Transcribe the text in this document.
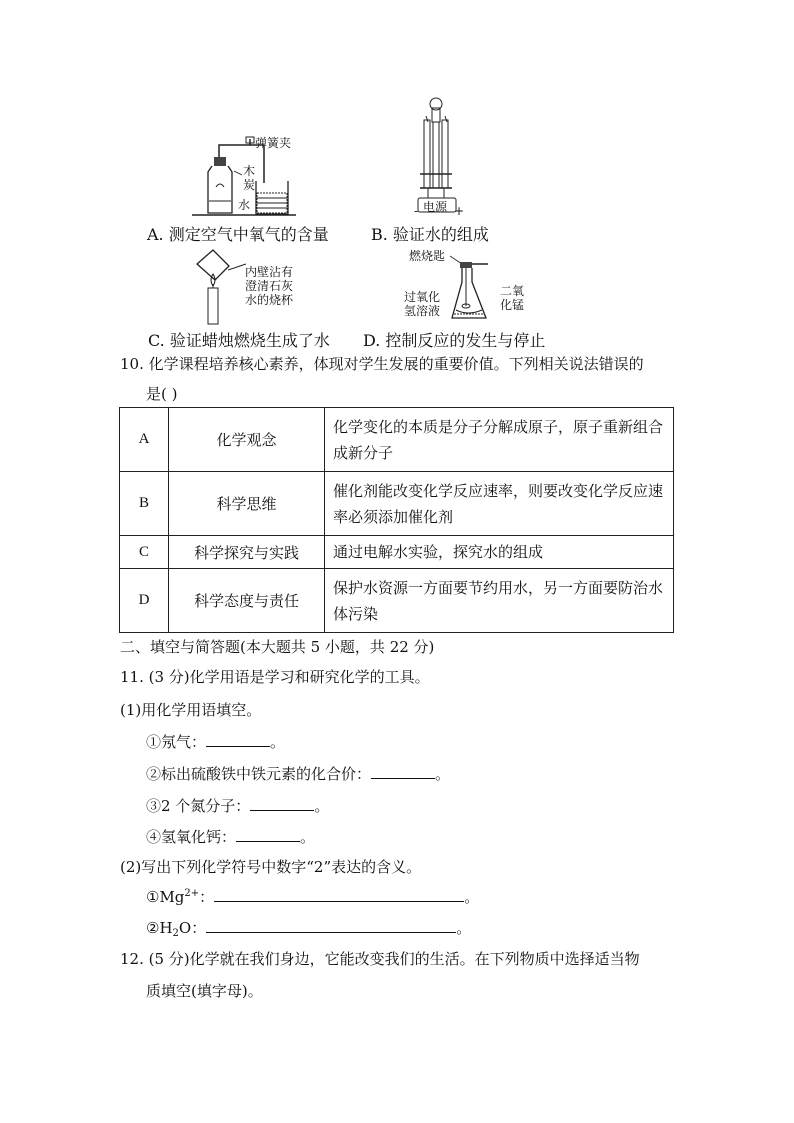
弹簧夹
木
炭
水
A. 测定空气中氧气的含量
电源
-	+
B. 验证水的组成
内壁沾有
澄清石灰
水的烧杯
C. 验证蜡烛燃烧生成了水
燃烧匙
过氧化
氢溶液
二氧
化锰
D. 控制反应的发生与停止
10. 化学课程培养核心素养，体现对学生发展的重要价值。下列相关说法错误的
是( )
A	化学观念	化学变化的本质是分子分解成原子，原子重新组合成新分子
B	科学思维	催化剂能改变化学反应速率，则要改变化学反应速率必须添加催化剂
C	科学探究与实践	通过电解水实验，探究水的组成
D	科学态度与责任	保护水资源一方面要节约用水，另一方面要防治水体污染
二、填空与简答题(本大题共 5 小题，共 22 分)
11. (3 分)化学用语是学习和研究化学的工具。
(1)用化学用语填空。
①氖气：	。
②标出硫酸铁中铁元素的化合价：	。
③2 个氮分子：	。
④氢氧化钙：	。
(2)写出下列化学符号中数字“2”表达的含义。
$①Mg^{2+}$：	。
$②H_2O$：	。
12. (5 分)化学就在我们身边，它能改变我们的生活。在下列物质中选择适当物
质填空(填字母)。
